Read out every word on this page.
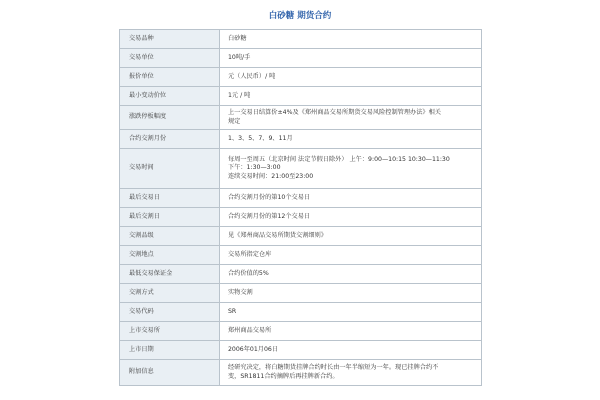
白砂糖 期货合约
交易品种	白砂糖

交易单位	10吨/手

报价单位	元（人民币）/ 吨

最小变动价位	1元 / 吨

涨跌停板幅度	上一交易日结算价±4%及《郑州商品交易所期货交易风险控制管理办法》相关
规定

合约交割月份	1、3、5、7、9、11月

交易时间	每周一至周五（北京时间 法定节假日除外） 上午：9:00—10:15 10:30—11:30
下午：1:30—3:00
连续交易时间：21:00至23:00

最后交易日	合约交割月份的第10个交易日

最后交割日	合约交割月份的第12个交易日

交割品级	见《郑州商品交易所期货交割细则》

交割地点	交易所指定仓库

最低交易保证金	合约价值的5%

交割方式	实物交割

交易代码	SR

上市交易所	郑州商品交易所

上市日期	2006年01月06日

附加信息	经研究决定，将白糖期货挂牌合约时长由一年半缩短为一年。现已挂牌合约不
变，SR1811合约摘牌后再挂牌新合约。
